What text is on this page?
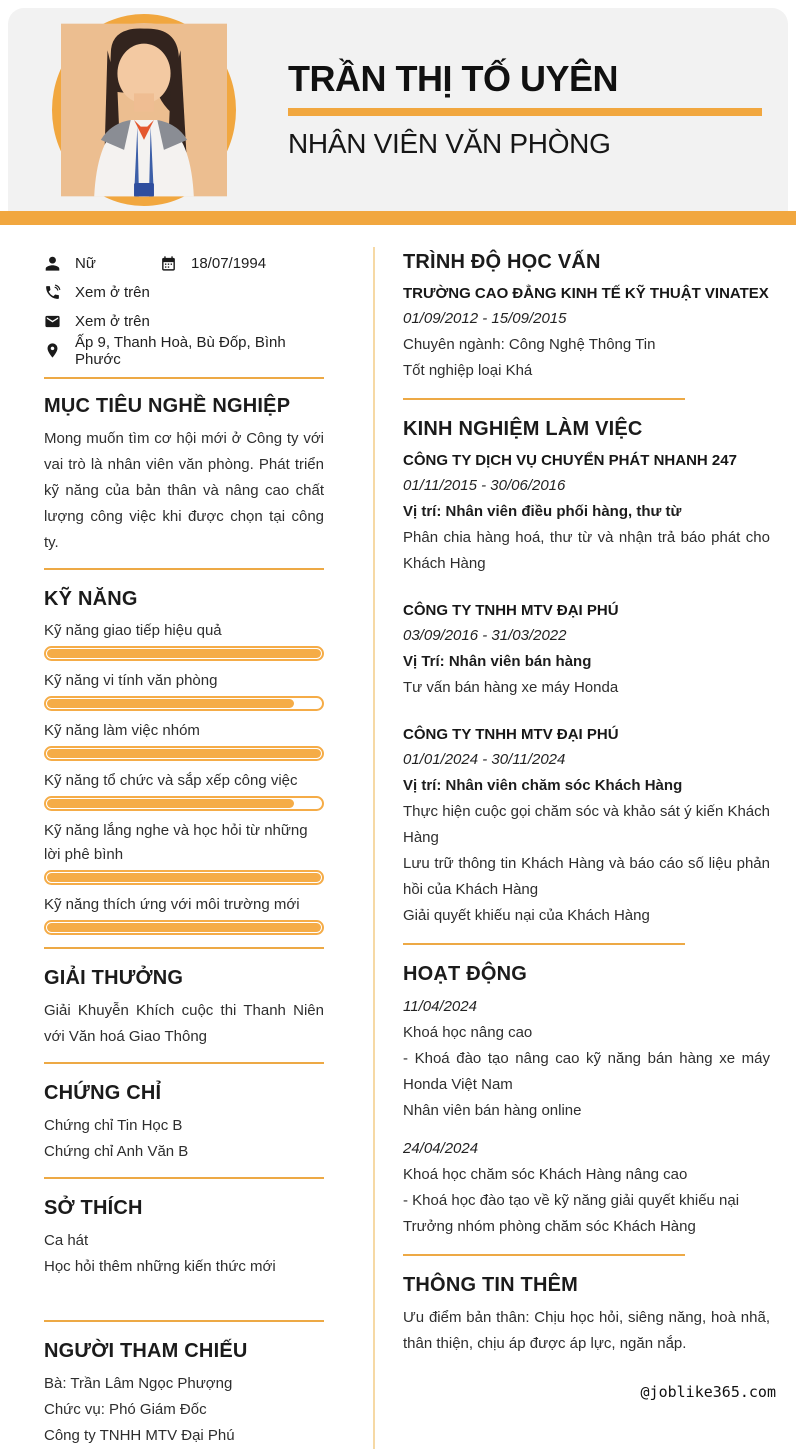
TRẦN THỊ TỐ UYÊN
NHÂN VIÊN VĂN PHÒNG
Nữ	18/07/1994
Xem ở trên
Xem ở trên
Ấp 9, Thanh Hoà, Bù Đốp, Bình Phước
MỤC TIÊU NGHỀ NGHIỆP

Mong muốn tìm cơ hội mới ở Công ty với vai trò là nhân viên văn phòng. Phát triển kỹ năng của bản thân và nâng cao chất lượng công việc khi được chọn tại công ty.

KỸ NĂNG
Kỹ năng giao tiếp hiệu quả
Kỹ năng vi tính văn phòng
Kỹ năng làm việc nhóm
Kỹ năng tổ chức và sắp xếp công việc
Kỹ năng lắng nghe và học hỏi từ những lời phê bình
Kỹ năng thích ứng với môi trường mới
GIẢI THƯỞNG

Giải Khuyễn Khích cuộc thi Thanh Niên với Văn hoá Giao Thông

CHỨNG CHỈ
Chứng chỉ Tin Học B
Chứng chỉ Anh Văn B
SỞ THÍCH
Ca hát
Học hỏi thêm những kiến thức mới
NGƯỜI THAM CHIẾU
Bà: Trần Lâm Ngọc Phượng
Chức vụ: Phó Giám Đốc
Công ty TNHH MTV Đại Phú
TRÌNH ĐỘ HỌC VẤN
TRƯỜNG CAO ĐẲNG KINH TẾ KỸ THUẬT VINATEX
01/09/2012 - 15/09/2015
Chuyên ngành: Công Nghệ Thông Tin
Tốt nghiệp loại Khá
KINH NGHIỆM LÀM VIỆC
CÔNG TY DỊCH VỤ CHUYỂN PHÁT NHANH 247
01/11/2015 - 30/06/2016
Vị trí: Nhân viên điều phối hàng, thư từ
Phân chia hàng hoá, thư từ và nhận trả báo phát cho Khách Hàng
CÔNG TY TNHH MTV ĐẠI PHÚ
03/09/2016 - 31/03/2022
Vị Trí: Nhân viên bán hàng
Tư vấn bán hàng xe máy Honda
CÔNG TY TNHH MTV ĐẠI PHÚ
01/01/2024 - 30/11/2024
Vị trí: Nhân viên chăm sóc Khách Hàng
Thực hiện cuộc gọi chăm sóc và khảo sát ý kiến Khách Hàng
Lưu trữ thông tin Khách Hàng và báo cáo số liệu phản hồi của Khách Hàng
Giải quyết khiếu nại của Khách Hàng
HOẠT ĐỘNG
11/04/2024
Khoá học nâng cao
- Khoá đào tạo nâng cao kỹ năng bán hàng xe máy Honda Việt Nam
Nhân viên bán hàng online
24/04/2024
Khoá học chăm sóc Khách Hàng nâng cao
- Khoá học đào tạo về kỹ năng giải quyết khiếu nại
Trưởng nhóm phòng chăm sóc Khách Hàng
THÔNG TIN THÊM

Ưu điểm bản thân: Chịu học hỏi, siêng năng, hoà nhã, thân thiện, chịu áp được áp lực, ngăn nắp.

@joblike365.com
